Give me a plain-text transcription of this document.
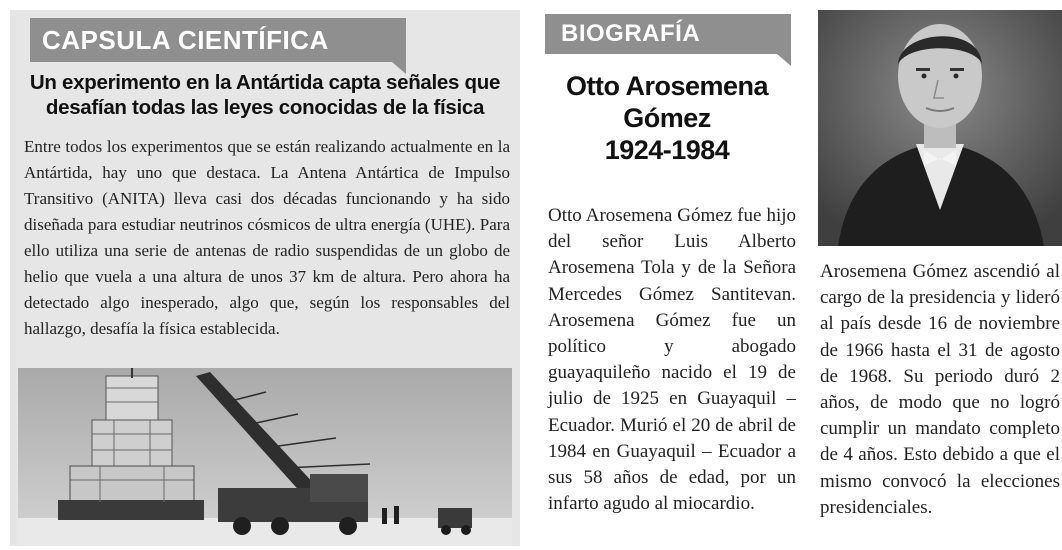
CAPSULA CIENTÍFICA
Un experimento en la Antártida capta señales que desafían todas las leyes conocidas de la física

Entre todos los experimentos que se están realizando actualmente en la Antártida, hay uno que destaca. La Antena Antártica de Impulso Transitivo (ANITA) lleva casi dos décadas funcionando y ha sido diseñada para estudiar neutrinos cósmicos de ultra energía (UHE). Para ello utiliza una serie de antenas de radio suspendidas de un globo de helio que vuela a una altura de unos 37 km de altura. Pero ahora ha detectado algo inesperado, algo que, según los responsables del hallazgo, desafía la física establecida.

BIOGRAFÍA
Otto Arosemena
Gómez
1924-1984

Otto Arosemena Gómez fue hijo del señor Luis Alberto Arosemena Tola y de la Señora Mercedes Gómez Santitevan. Arosemena Gómez fue un político y abogado guayaquileño nacido el 19 de julio de 1925 en Guayaquil – Ecuador. Murió el 20 de abril de 1984 en Guayaquil – Ecuador a sus 58 años de edad, por un infarto agudo al miocardio.

Arosemena Gómez ascendió al cargo de la presidencia y lideró al país desde 16 de noviembre de 1966 hasta el 31 de agosto de 1968. Su periodo duró 2 años, de modo que no logró cumplir un mandato completo de 4 años. Esto debido a que el mismo convocó la elecciones presidenciales.
